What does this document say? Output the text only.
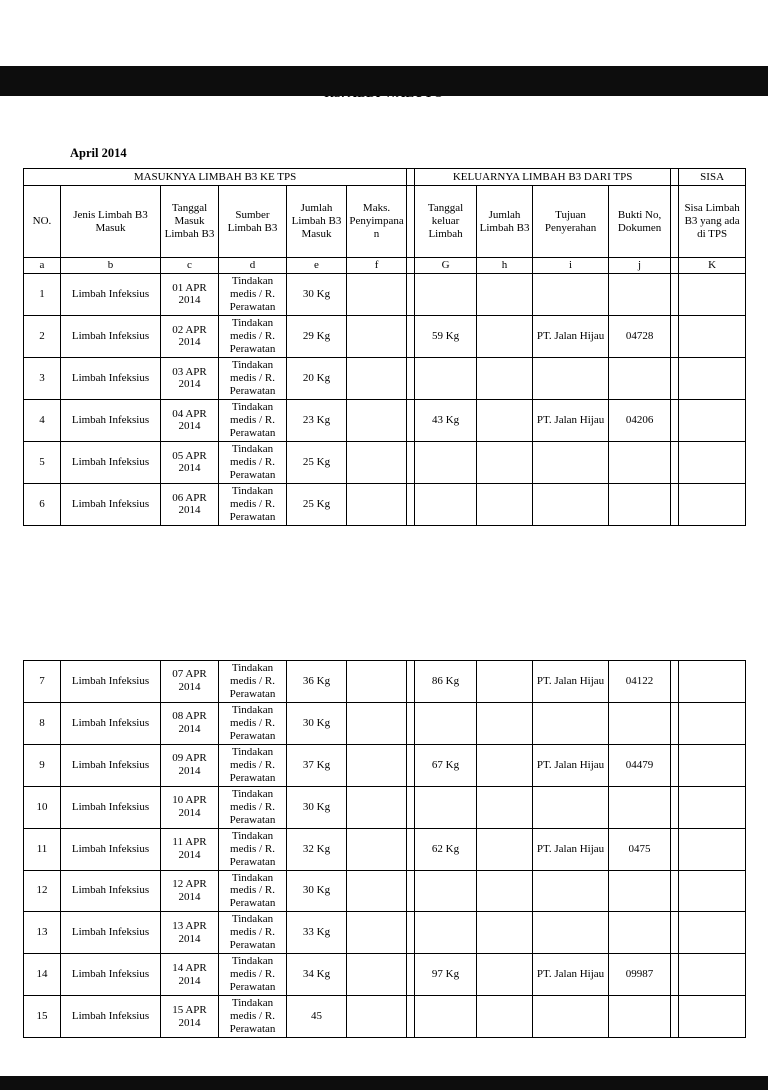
April 2014
MASUKNYA LIMBAH B3 KE TPS							KELUARNYA LIMBAH B3 DARI TPS					SISA
NO.	Jenis Limbah B3 Masuk	Tanggal Masuk Limbah B3	Sumber Limbah B3	Jumlah Limbah B3 Masuk	Maks. Penyimpanan		Tanggal keluar Limbah	Jumlah Limbah B3	Tujuan Penyerahan	Bukti No, Dokumen		Sisa Limbah B3 yang ada di TPS
a	b	c	d	e	f		G	h	i	j		K
1	Limbah Infeksius	01 APR 2014	Tindakan medis / R. Perawatan	30 Kg								
2	Limbah Infeksius	02 APR 2014	Tindakan medis / R. Perawatan	29 Kg			59 Kg		PT. Jalan Hijau	04728		
3	Limbah Infeksius	03 APR 2014	Tindakan medis / R. Perawatan	20 Kg								
4	Limbah Infeksius	04 APR 2014	Tindakan medis / R. Perawatan	23 Kg			43 Kg		PT. Jalan Hijau	04206		
5	Limbah Infeksius	05 APR 2014	Tindakan medis / R. Perawatan	25 Kg								
6	Limbah Infeksius	06 APR 2014	Tindakan medis / R. Perawatan	25 Kg								
7	Limbah Infeksius	07 APR 2014	Tindakan medis / R. Perawatan	36 Kg			86 Kg		PT. Jalan Hijau	04122		
8	Limbah Infeksius	08 APR 2014	Tindakan medis / R. Perawatan	30 Kg								
9	Limbah Infeksius	09 APR 2014	Tindakan medis / R. Perawatan	37 Kg			67 Kg		PT. Jalan Hijau	04479		
10	Limbah Infeksius	10 APR 2014	Tindakan medis / R. Perawatan	30 Kg								
11	Limbah Infeksius	11 APR 2014	Tindakan medis / R. Perawatan	32 Kg			62 Kg		PT. Jalan Hijau	0475		
12	Limbah Infeksius	12 APR 2014	Tindakan medis / R. Perawatan	30 Kg								
13	Limbah Infeksius	13 APR 2014	Tindakan medis / R. Perawatan	33 Kg								
14	Limbah Infeksius	14 APR 2014	Tindakan medis / R. Perawatan	34 Kg			97 Kg		PT. Jalan Hijau	09987		
15	Limbah Infeksius	15 APR 2014	Tindakan medis / R. Perawatan	45								
